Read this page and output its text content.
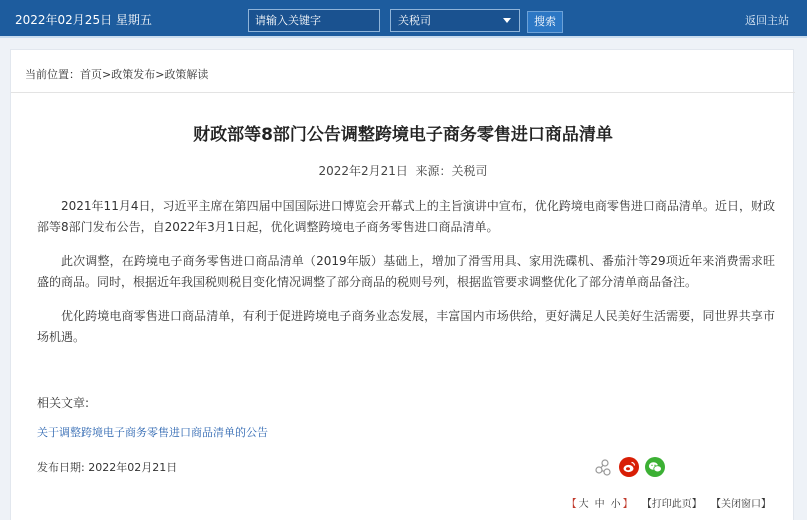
2022年02月25日 星期五
请输入关键字	关税司	搜索	返回主站
当前位置：首页>政策发布>政策解读
财政部等8部门公告调整跨境电子商务零售进口商品清单
2022年2月21日 来源：关税司

2021年11月4日，习近平主席在第四届中国国际进口博览会开幕式上的主旨演讲中宣布，优化跨境电商零售进口商品清单。近日，财政部等8部门发布公告，自2022年3月1日起，优化调整跨境电子商务零售进口商品清单。

此次调整，在跨境电子商务零售进口商品清单（2019年版）基础上，增加了滑雪用具、家用洗碟机、番茄汁等29项近年来消费需求旺盛的商品。同时，根据近年我国税则税目变化情况调整了部分商品的税则号列，根据监管要求调整优化了部分清单商品备注。

优化跨境电商零售进口商品清单，有利于促进跨境电子商务业态发展，丰富国内市场供给，更好满足人民美好生活需要，同世界共享市场机遇。

相关文章:
关于调整跨境电子商务零售进口商品清单的公告
发布日期: 2022年02月21日
【 大 中 小 】 【打印此页】 【关闭窗口】
